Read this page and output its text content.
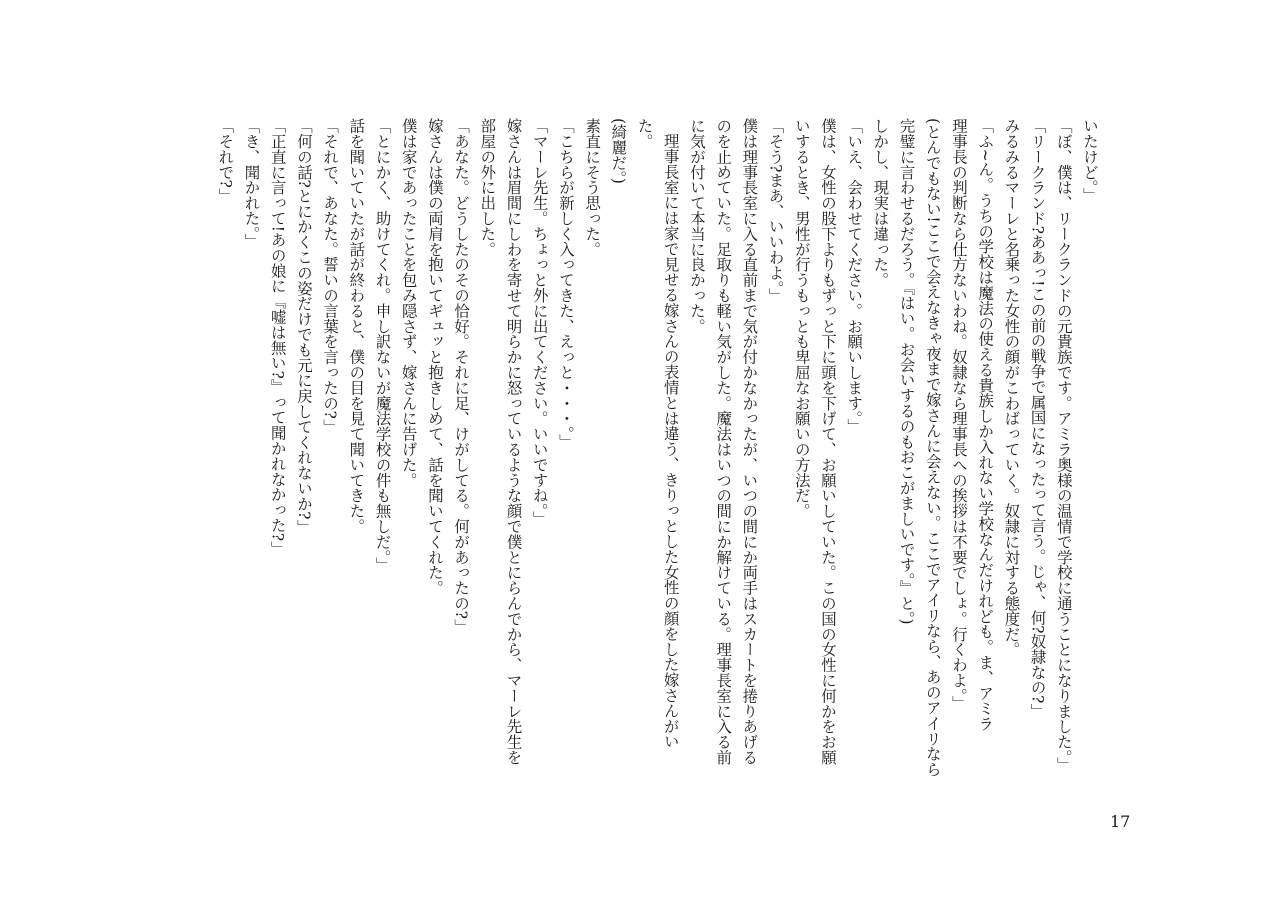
いたけど。」

「ぼ、僕は、リークランドの元貴族です。アミラ奥様の温情で学校に通うことになりました。」

「リークランド?ああっ!この前の戦争で属国になったって言う。じゃ、何?奴隷なの?」

みるみるマーレと名乗った女性の顔がこわばっていく。奴隷に対する態度だ。

「ふ~ん。うちの学校は魔法の使える貴族しか入れない学校なんだけれども。ま、アミラ

理事長の判断なら仕方ないわね。奴隷なら理事長への挨拶は不要でしょ。行くわよ。」

(とんでもない!ここで会えなきゃ夜まで嫁さんに会えない。ここでアイリなら、あのアイリなら完璧に言わせるだろう。『はい。お会いするのもおこがましいです。』と。)

しかし、現実は違った。

「いえ、会わせてください。お願いします。」

僕は、女性の股下よりもずっと下に頭を下げて、お願いしていた。この国の女性に何かをお願いするとき、男性が行うもっとも卑屈なお願いの方法だ。

「そう?まあ、いいわよ。」

僕は理事長室に入る直前まで気が付かなかったが、いつの間にか両手はスカートを捲りあげるのを止めていた。足取りも軽い気がした。魔法はいつの間にか解けている。理事長室に入る前に気が付いて本当に良かった。

理事長室には家で見せる嫁さんの表情とは違う、きりっとした女性の顔をした嫁さんがいた。

(綺麗だ。)

素直にそう思った。

「こちらが新しく入ってきた、えっと・・・。」

「マーレ先生。ちょっと外に出てください。いいですね。」

嫁さんは眉間にしわを寄せて明らかに怒っているような顔で僕とにらんでから、マーレ先生を部屋の外に出した。

「あなた。どうしたのその恰好。それに足、けがしてる。何があったの?」

嫁さんは僕の両肩を抱いてギュッと抱きしめて、話を聞いてくれた。

僕は家であったことを包み隠さず、嫁さんに告げた。

「とにかく、助けてくれ。申し訳ないが魔法学校の件も無しだ。」

話を聞いていたが話が終わると、僕の目を見て聞いてきた。

「それで、あなた。誓いの言葉を言ったの?」

「何の話?とにかくこの姿だけでも元に戻してくれないか?」

「正直に言って!あの娘に『嘘は無い?』って聞かれなかった?」

「き、聞かれた。」

「それで?」

17
